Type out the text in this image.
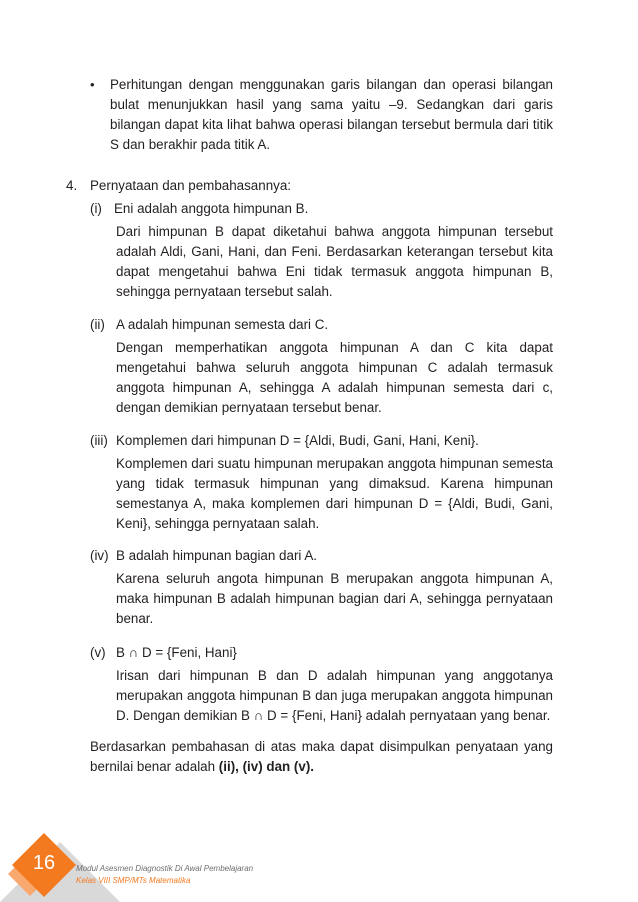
• Perhitungan dengan menggunakan garis bilangan dan operasi bilangan bulat menunjukkan hasil yang sama yaitu –9. Sedangkan dari garis bilangan dapat kita lihat bahwa operasi bilangan tersebut bermula dari titik S dan berakhir pada titik A.
4. Pernyataan dan pembahasannya:
(i) Eni adalah anggota himpunan B.
Dari himpunan B dapat diketahui bahwa anggota himpunan tersebut adalah Aldi, Gani, Hani, dan Feni. Berdasarkan keterangan tersebut kita dapat mengetahui bahwa Eni tidak termasuk anggota himpunan B, sehingga pernyataan tersebut salah.
(ii) A adalah himpunan semesta dari C.
Dengan memperhatikan anggota himpunan A dan C kita dapat mengetahui bahwa seluruh anggota himpunan C adalah termasuk anggota himpunan A, sehingga A adalah himpunan semesta dari c, dengan demikian pernyataan tersebut benar.
(iii) Komplemen dari himpunan D = {Aldi, Budi, Gani, Hani, Keni}.
Komplemen dari suatu himpunan merupakan anggota himpunan semesta yang tidak termasuk himpunan yang dimaksud. Karena himpunan semestanya A, maka komplemen dari himpunan D = {Aldi, Budi, Gani, Keni}, sehingga pernyataan salah.
(iv) B adalah himpunan bagian dari A.
Karena seluruh angota himpunan B merupakan anggota himpunan A, maka himpunan B adalah himpunan bagian dari A, sehingga pernyataan benar.
(v) B ∩ D = {Feni, Hani}
Irisan dari himpunan B dan D adalah himpunan yang anggotanya merupakan anggota himpunan B dan juga merupakan anggota himpunan D. Dengan demikian B ∩ D = {Feni, Hani} adalah pernyataan yang benar.
Berdasarkan pembahasan di atas maka dapat disimpulkan penyataan yang bernilai benar adalah (ii), (iv) dan (v).
16	Modul Asesmen Diagnostik Di Awal Pembelajaran
Kelas VIII SMP/MTs Matematika
